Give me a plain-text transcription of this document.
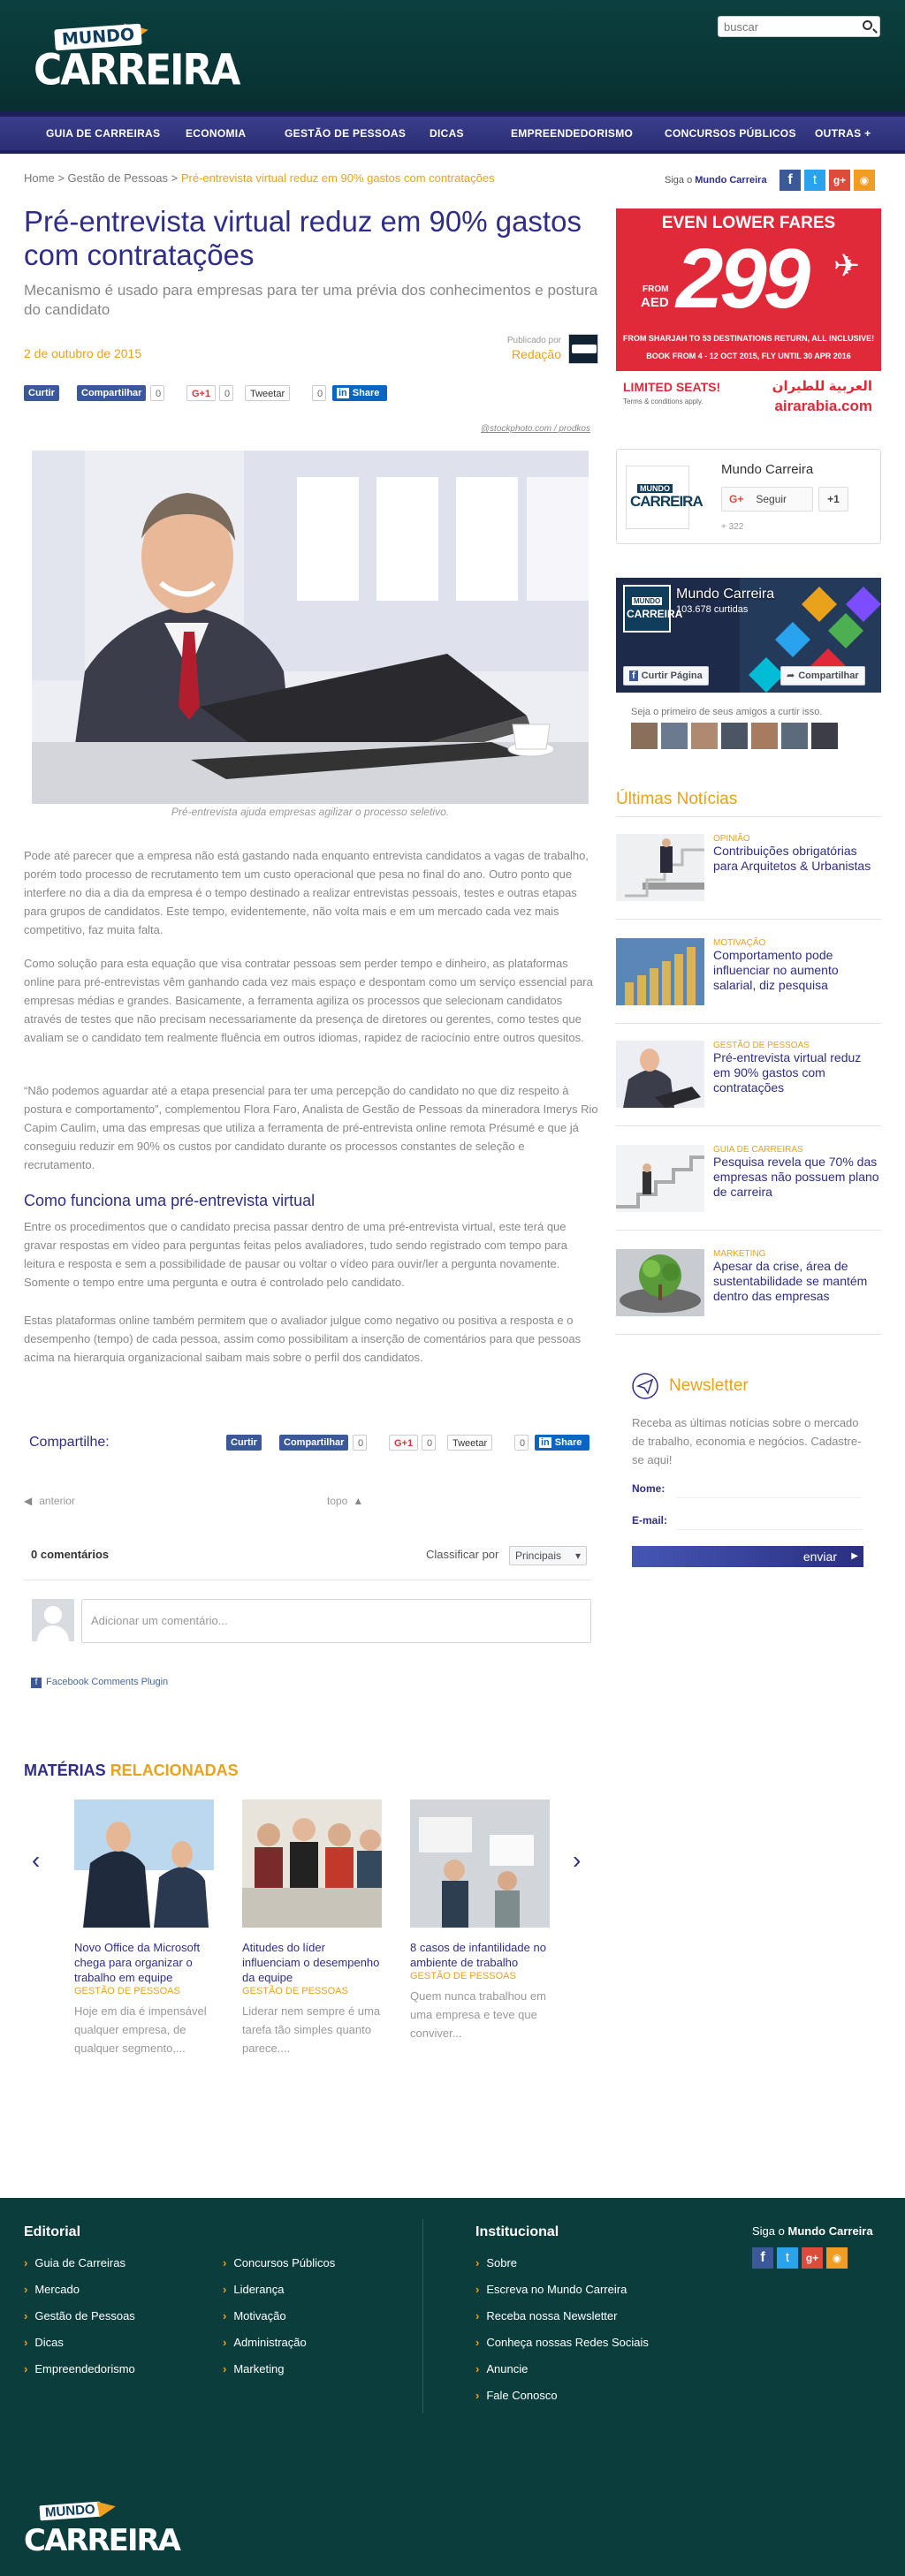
MUNDO
CARREIRA
buscar
GUIA DE CARREIRAS ECONOMIA	GESTÃO DE PESSOAS DICAS	EMPREENDEDORISMO	CONCURSOS PÚBLICOS OUTRAS +
Home > Gestão de Pessoas > Pré-entrevista virtual reduz em 90% gastos com contratações	Siga o Mundo Carreira	f	t	g+	◉
Pré-entrevista virtual reduz em 90% gastos com contratações
Mecanismo é usado para empresas para ter uma prévia dos conhecimentos e postura do candidato
2 de outubro de 2015
Publicado por
Redação
Curtir	Compartilhar	0	G+1	0	Tweetar	0	in Share
@stockphoto.com / prodkos
Pré-entrevista ajuda empresas agilizar o processo seletivo.

Pode até parecer que a empresa não está gastando nada enquanto entrevista candidatos a vagas de trabalho, porém todo processo de recrutamento tem um custo operacional que pesa no final do ano. Outro ponto que interfere no dia a dia da empresa é o tempo destinado a realizar entrevistas pessoais, testes e outras etapas para grupos de candidatos. Este tempo, evidentemente, não volta mais e em um mercado cada vez mais competitivo, faz muita falta.

Como solução para esta equação que visa contratar pessoas sem perder tempo e dinheiro, as plataformas online para pré-entrevistas vêm ganhando cada vez mais espaço e despontam como um serviço essencial para empresas médias e grandes. Basicamente, a ferramenta agiliza os processos que selecionam candidatos através de testes que não precisam necessariamente da presença de diretores ou gerentes, como testes que avaliam se o candidato tem realmente fluência em outros idiomas, rapidez de raciocínio entre outros quesitos.

“Não podemos aguardar até a etapa presencial para ter uma percepção do candidato no que diz respeito à postura e comportamento”, complementou Flora Faro, Analista de Gestão de Pessoas da mineradora Imerys Rio Capim Caulim, uma das empresas que utiliza a ferramenta de pré-entrevista online remota Présumé e que já conseguiu reduzir em 90% os custos por candidato durante os processos constantes de seleção e recrutamento.

Como funciona uma pré-entrevista virtual

Entre os procedimentos que o candidato precisa passar dentro de uma pré-entrevista virtual, este terá que gravar respostas em vídeo para perguntas feitas pelos avaliadores, tudo sendo registrado com tempo para leitura e resposta e sem a possibilidade de pausar ou voltar o vídeo para ouvir/ler a pergunta novamente. Somente o tempo entre uma pergunta e outra é controlado pelo candidato.

Estas plataformas online também permitem que o avaliador julgue como negativo ou positiva a resposta e o desempenho (tempo) de cada pessoa, assim como possibilitam a inserção de comentários para que pessoas acima na hierarquia organizacional saibam mais sobre o perfil dos candidatos.

Compartilhe:	Curtir	Compartilhar	0	G+1	0	Tweetar	0	in Share
◀ anterior	topo ▲
0 comentários	Classificar por	Principais ▾
Adicionar um comentário...
f Facebook Comments Plugin
EVEN LOWER FARES
FROM
AED 299 ✈
FROM SHARJAH TO 53 DESTINATIONS RETURN, ALL INCLUSIVE!
BOOK FROM 4 - 12 OCT 2015, FLY UNTIL 30 APR 2016
LIMITED SEATS!
Terms & conditions apply.
العربية للطيران
airarabia.com
MUNDO
CARREIRA
Mundo Carreira
G+ Seguir	+1
+ 322
MUNDO
CARREIRA
Mundo Carreira
103.678 curtidas
f Curtir Página	➦ Compartilhar
Seja o primeiro de seus amigos a curtir isso.
Últimas Notícias
OPINIÃO
Contribuições obrigatórias para Arquitetos & Urbanistas
MOTIVAÇÃO
Comportamento pode influenciar no aumento salarial, diz pesquisa
GESTÃO DE PESSOAS
Pré-entrevista virtual reduz em 90% gastos com contratações
GUIA DE CARREIRAS
Pesquisa revela que 70% das empresas não possuem plano de carreira
MARKETING
Apesar da crise, área de sustentabilidade se mantém dentro das empresas
Newsletter
Receba as últimas notícias sobre o mercado de trabalho, economia e negócios. Cadastre-se aqui!
Nome:
E-mail:
enviar ▶
MATÉRIAS RELACIONADAS
‹	›
Novo Office da Microsoft chega para organizar o trabalho em equipe
GESTÃO DE PESSOAS
Hoje em dia é impensável qualquer empresa, de qualquer segmento,...
Atitudes do líder influenciam o desempenho da equipe
GESTÃO DE PESSOAS
Liderar nem sempre é uma tarefa tão simples quanto parece....
8 casos de infantilidade no ambiente de trabalho
GESTÃO DE PESSOAS
Quem nunca trabalhou em uma empresa e teve que conviver...
Editorial
› Guia de Carreiras
› Mercado
› Gestão de Pessoas
› Dicas
› Empreendedorismo
› Concursos Públicos
› Liderança
› Motivação
› Administração
› Marketing
Institucional
› Sobre
› Escreva no Mundo Carreira
› Receba nossa Newsletter
› Conheça nossas Redes Sociais
› Anuncie
› Fale Conosco
Siga o Mundo Carreira
f	t	g+	◉
MUNDO
CARREIRA
